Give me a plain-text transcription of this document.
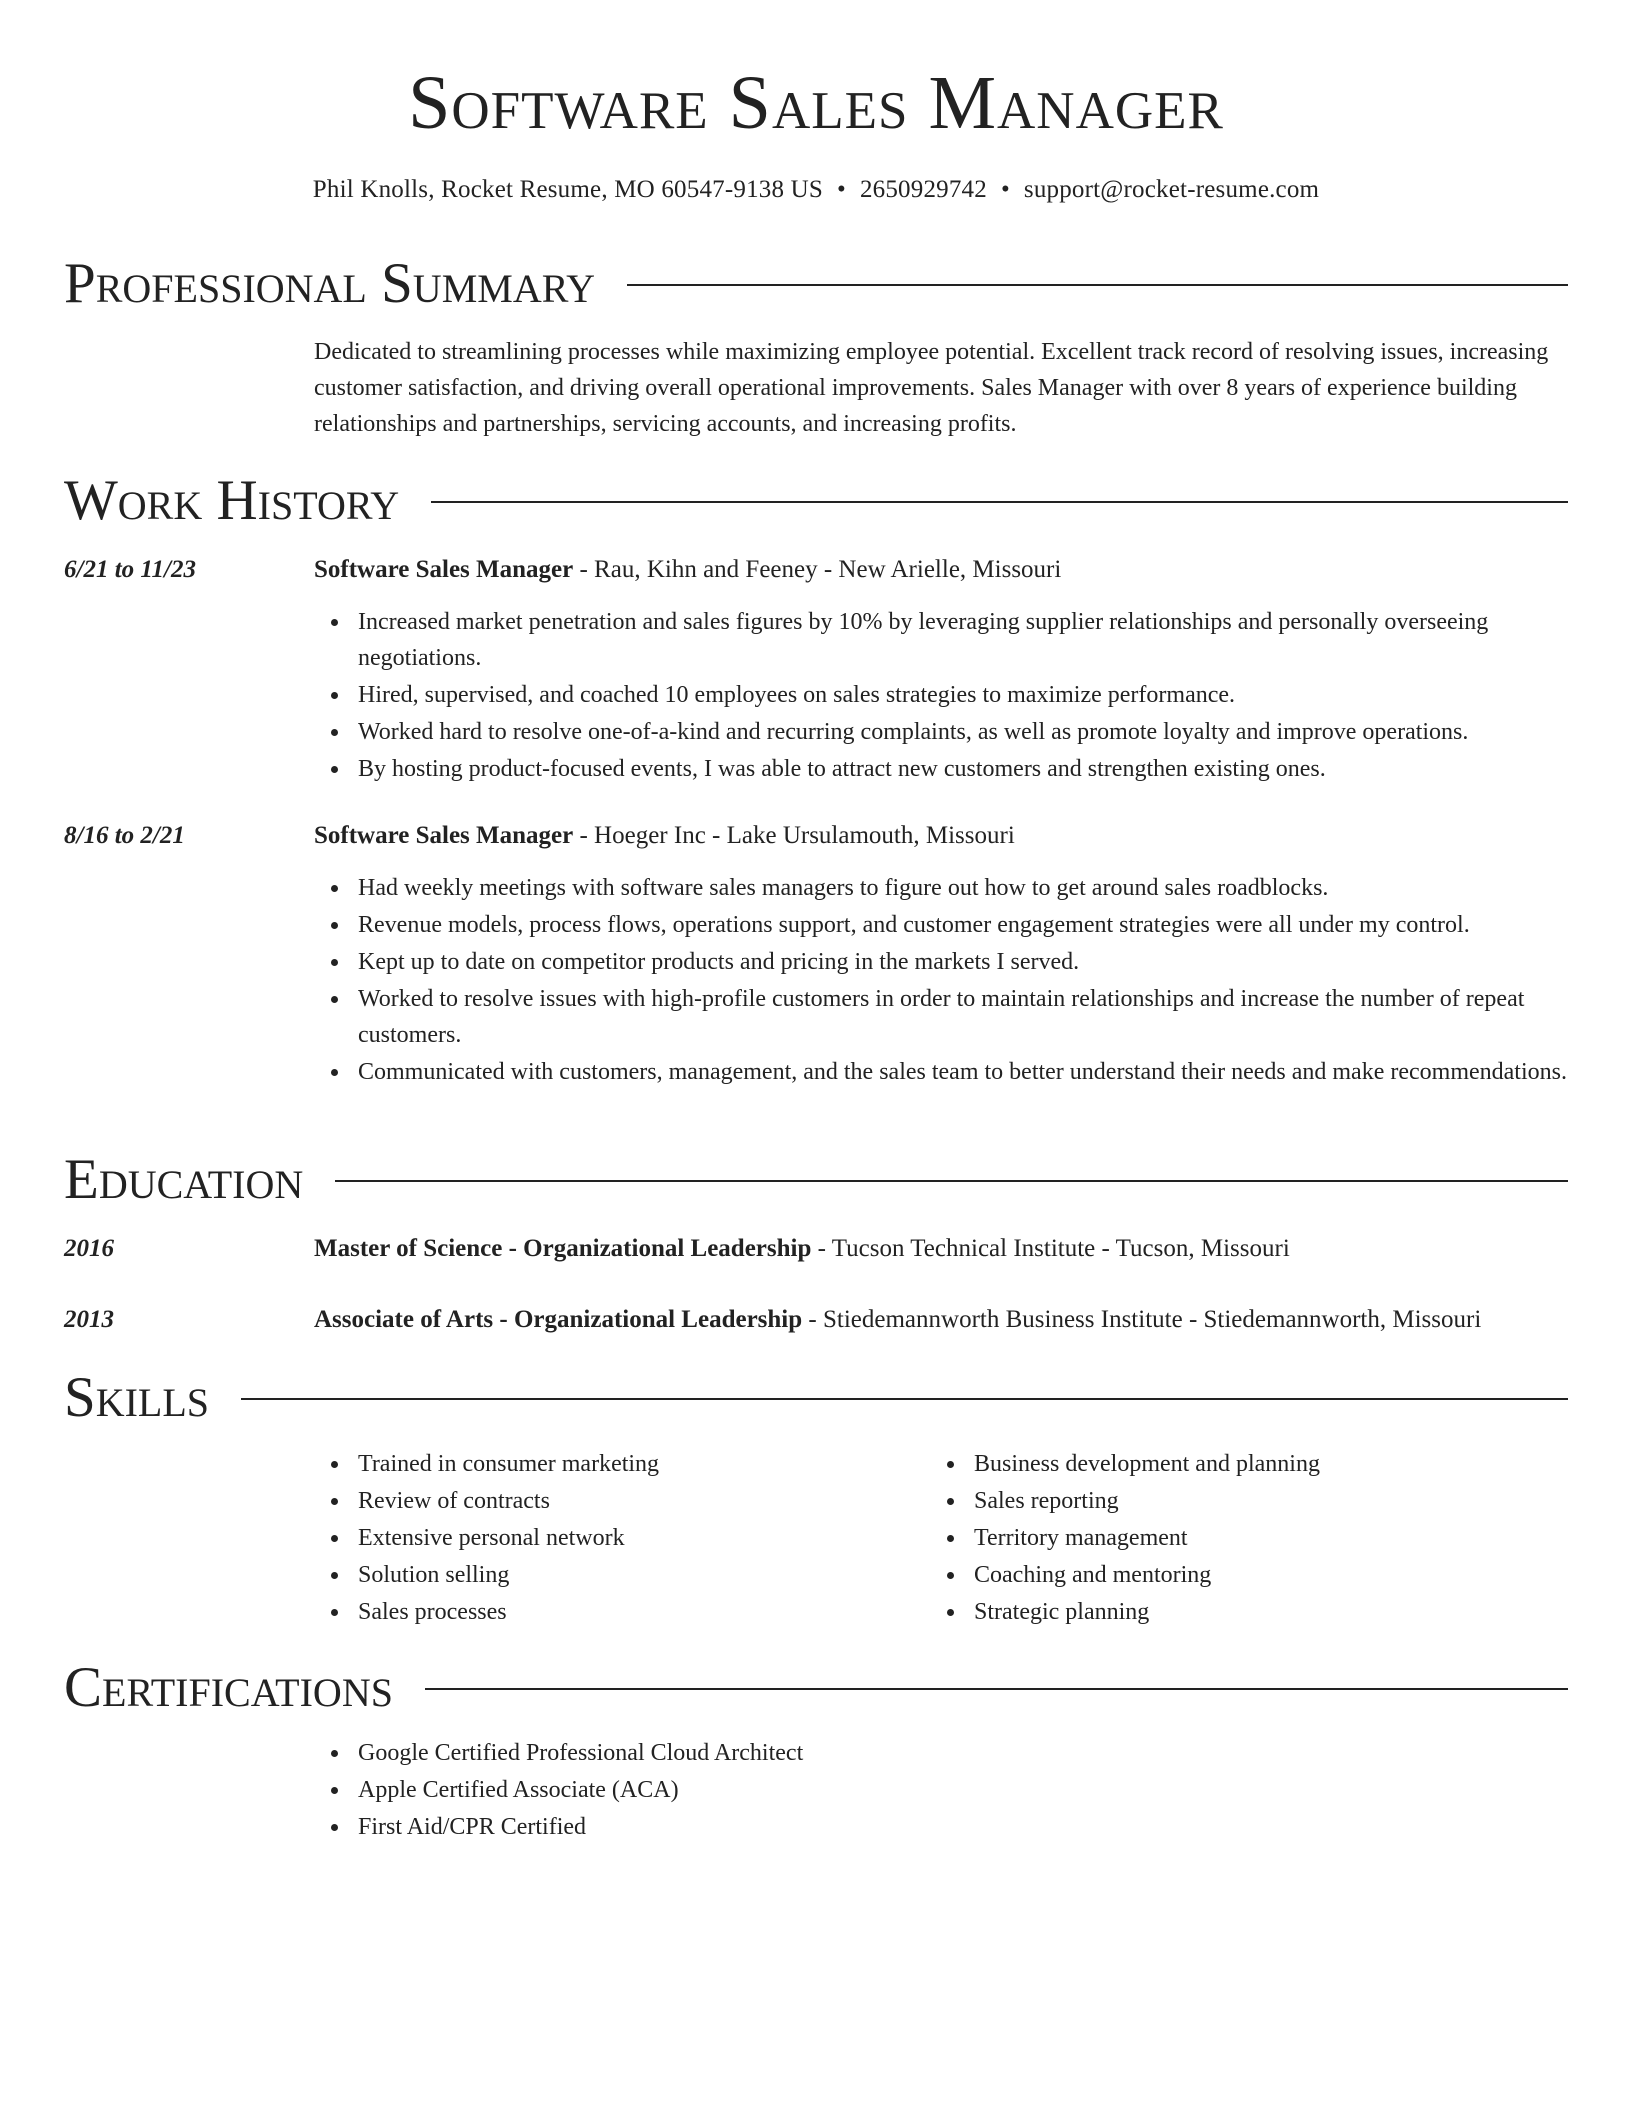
Software Sales Manager
Phil Knolls, Rocket Resume, MO 60547-9138 US • 2650929742 • support@rocket-resume.com
Professional Summary
Dedicated to streamlining processes while maximizing employee potential. Excellent track record of resolving issues, increasing customer satisfaction, and driving overall operational improvements. Sales Manager with over 8 years of experience building relationships and partnerships, servicing accounts, and increasing profits.
Work History
6/21 to 11/23	Software Sales Manager - Rau, Kihn and Feeney - New Arielle, Missouri
Increased market penetration and sales figures by 10% by leveraging supplier relationships and personally overseeing negotiations.
Hired, supervised, and coached 10 employees on sales strategies to maximize performance.
Worked hard to resolve one-of-a-kind and recurring complaints, as well as promote loyalty and improve operations.
By hosting product-focused events, I was able to attract new customers and strengthen existing ones.
8/16 to 2/21	Software Sales Manager - Hoeger Inc - Lake Ursulamouth, Missouri
Had weekly meetings with software sales managers to figure out how to get around sales roadblocks.
Revenue models, process flows, operations support, and customer engagement strategies were all under my control.
Kept up to date on competitor products and pricing in the markets I served.
Worked to resolve issues with high-profile customers in order to maintain relationships and increase the number of repeat customers.
Communicated with customers, management, and the sales team to better understand their needs and make recommendations.
Education
2016	Master of Science - Organizational Leadership - Tucson Technical Institute - Tucson, Missouri
2013	Associate of Arts - Organizational Leadership - Stiedemannworth Business Institute - Stiedemannworth, Missouri
Skills
Trained in consumer marketing
Review of contracts
Extensive personal network
Solution selling
Sales processes
Business development and planning
Sales reporting
Territory management
Coaching and mentoring
Strategic planning
Certifications
Google Certified Professional Cloud Architect
Apple Certified Associate (ACA)
First Aid/CPR Certified
